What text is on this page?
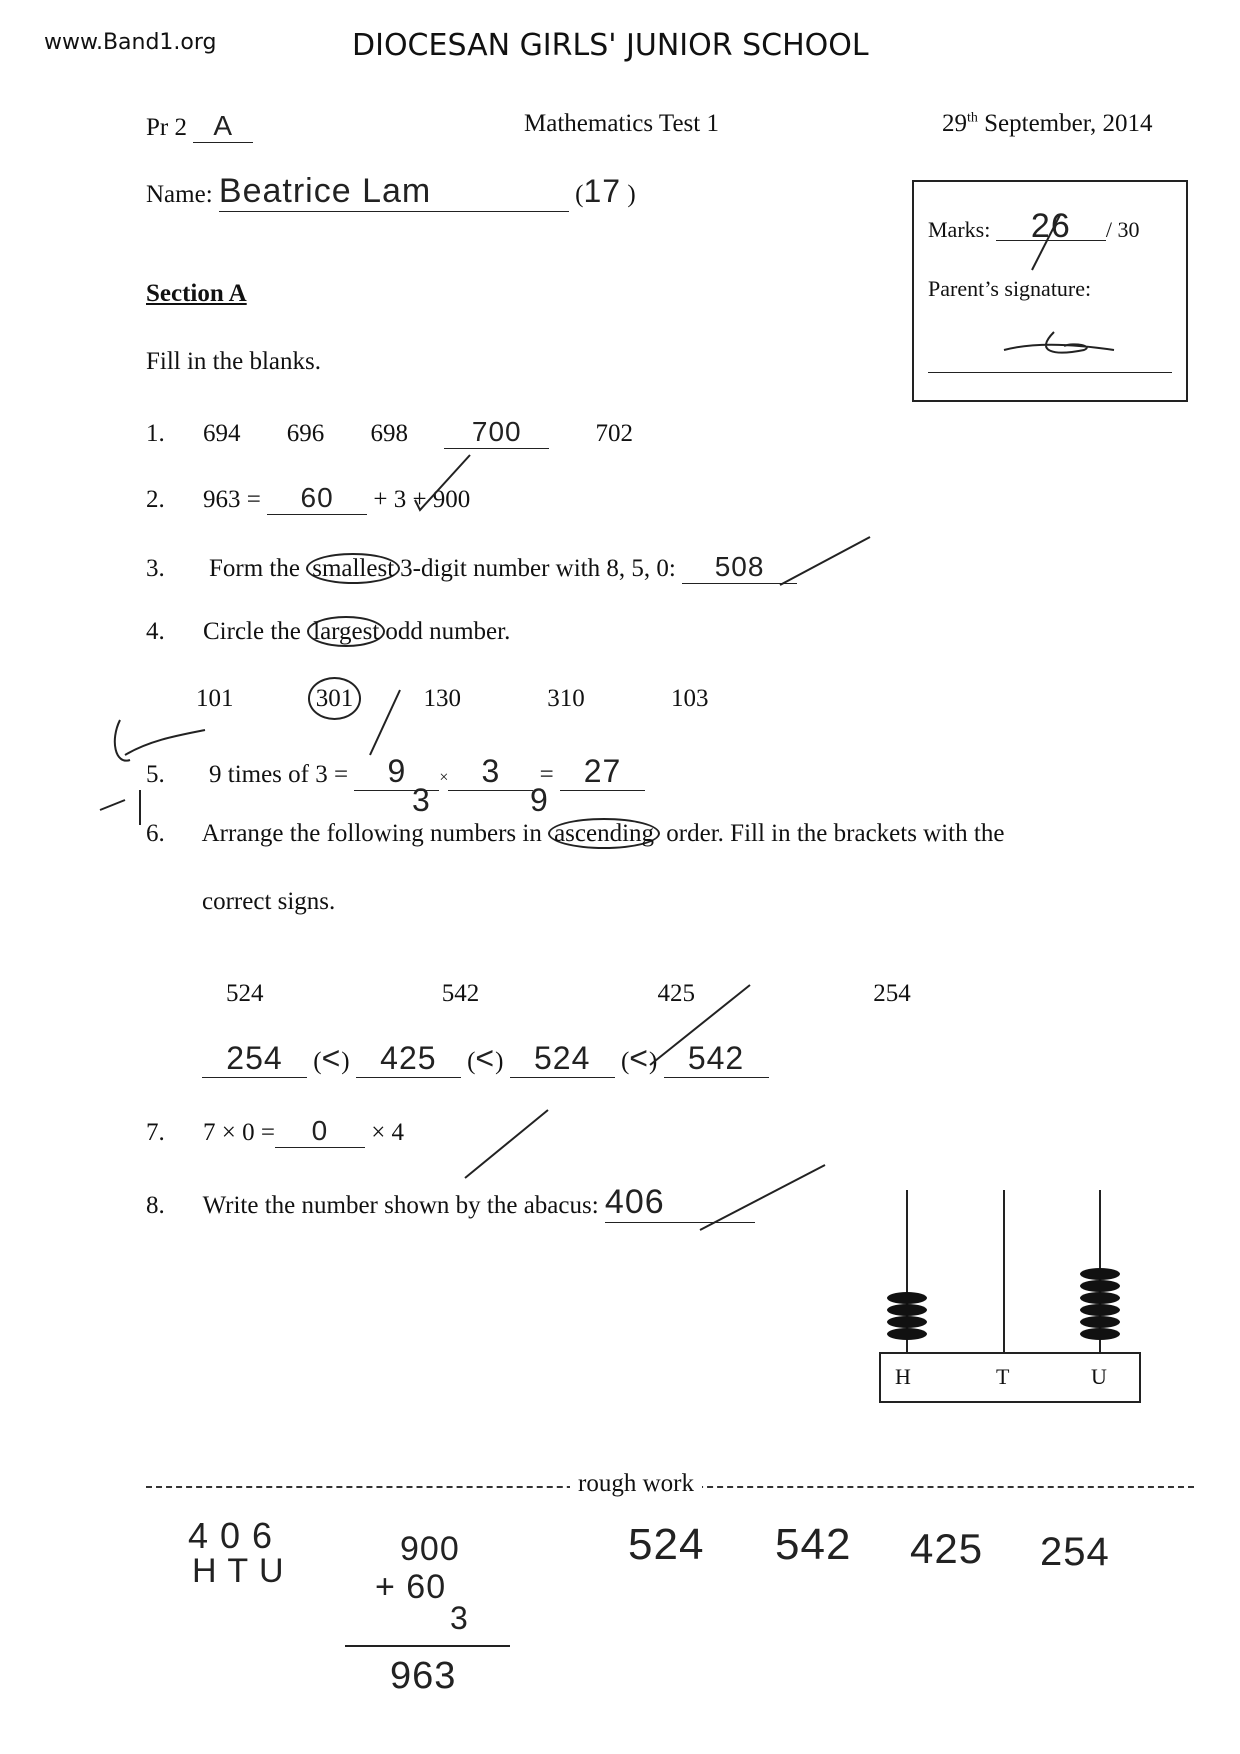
www.Band1.org	DIOCESAN GIRLS' JUNIOR SCHOOL
Pr 2 A	Mathematics Test 1	29th September, 2014
Name: Beatrice Lam	(17 )
Marks: 26 / 30
Parent’s signature:
Section A
Fill in the blanks.
1. 694 696 698 700	702
2. 963 = 60 + 3 + 900
3. Form the smallest 3-digit number with 8, 5, 0: 508
4. Circle the largest odd number.
101	301	130	310	103
5. 9 times of 3 = 9 × 3 = 27
3	9
6. Arrange the following numbers in ascending order. Fill in the brackets with the
correct signs.
524	542	425	254
254 (<) 425 (<) 524 (<) 542
7. 7 × 0 = 0 × 4
8. Write the number shown by the abacus: 406
H	T	U
rough work
4 0 6
H T U
900
+ 60
3
963
524 542 425 254
